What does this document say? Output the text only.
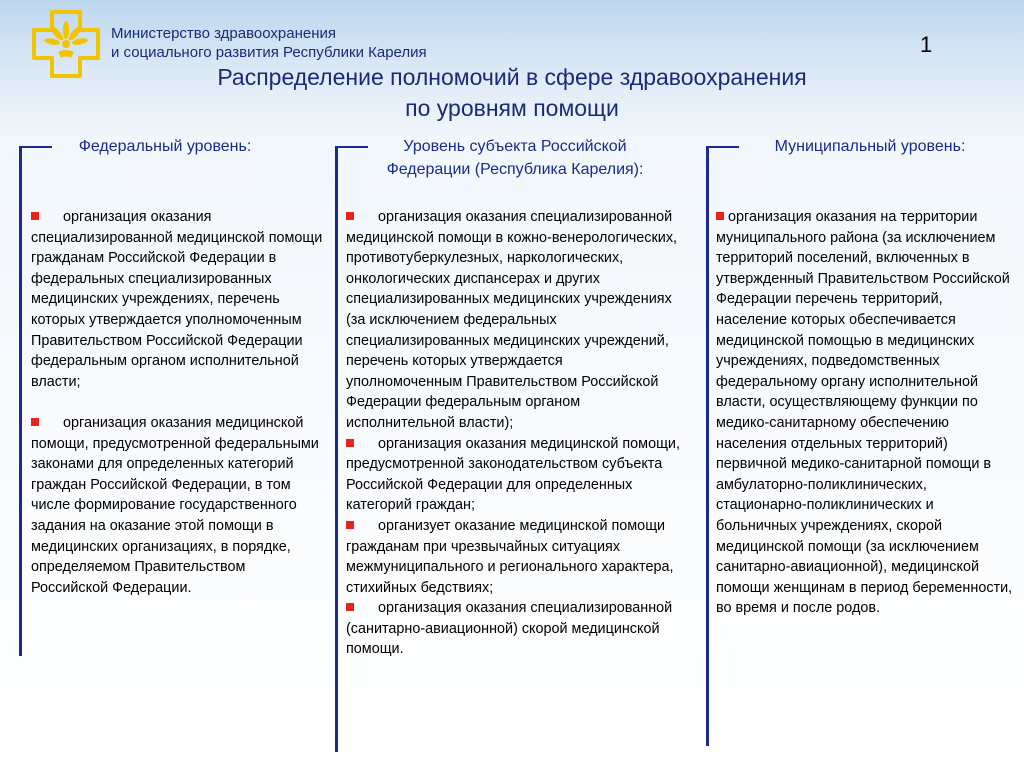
Министерство здравоохранения
и социального развития Республики Карелия	1
Распределение полномочий в сфере здравоохранения
по уровням помощи
Федеральный уровень:

организация оказания специализированной медицинской помощи гражданам Российской Федерации в федеральных специализированных медицинских учреждениях, перечень которых утверждается уполномоченным Правительством Российской Федерации федеральным органом исполнительной власти;

организация оказания медицинской помощи, предусмотренной федеральными законами для определенных категорий граждан Российской Федерации, в том числе формирование государственного задания на оказание этой помощи в медицинских организациях, в порядке, определяемом Правительством Российской Федерации.

Уровень субъекта Российской
Федерации (Республика Карелия):

организация оказания специализированной медицинской помощи в кожно-венерологических, противотуберкулезных, наркологических, онкологических диспансерах и других специализированных медицинских учреждениях (за исключением федеральных специализированных медицинских учреждений, перечень которых утверждается уполномоченным Правительством Российской Федерации федеральным органом исполнительной власти);

организация оказания медицинской помощи, предусмотренной законодательством субъекта Российской Федерации для определенных категорий граждан;

организует оказание медицинской помощи гражданам при чрезвычайных ситуациях межмуниципального и регионального характера, стихийных бедствиях;

организация оказания специализированной (санитарно-авиационной) скорой медицинской помощи.

Муниципальный уровень:

организация оказания на территории муниципального района (за исключением территорий поселений, включенных в утвержденный Правительством Российской Федерации перечень территорий, население которых обеспечивается медицинской помощью в медицинских учреждениях, подведомственных федеральному органу исполнительной власти, осуществляющему функции по медико-санитарному обеспечению населения отдельных территорий) первичной медико-санитарной помощи в амбулаторно-поликлинических, стационарно-поликлинических и больничных учреждениях, скорой медицинской помощи (за исключением санитарно-авиационной), медицинской помощи женщинам в период беременности, во время и после родов.
